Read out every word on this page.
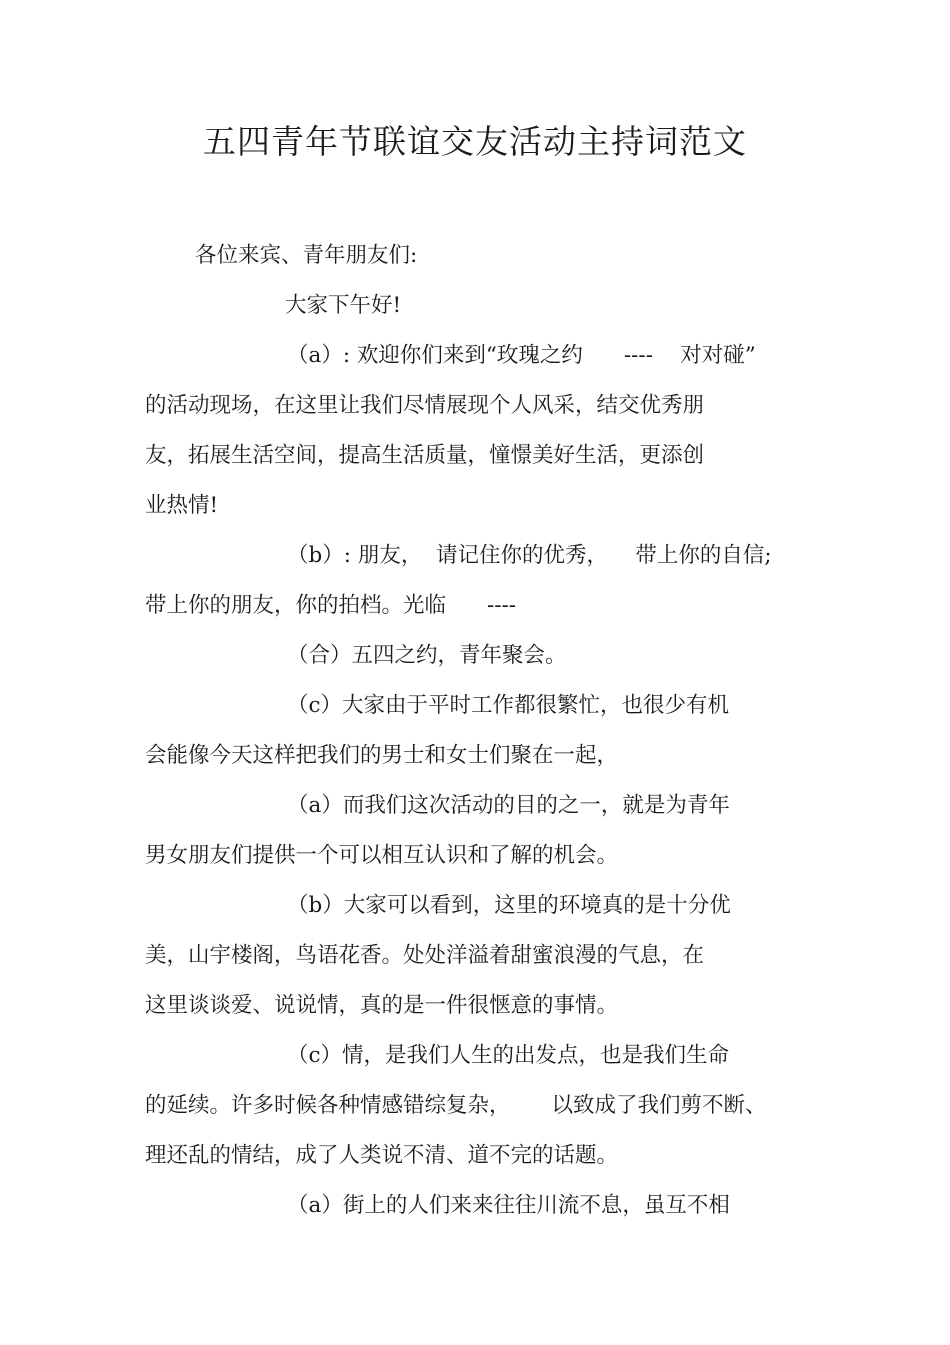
五四青年节联谊交友活动主持词范文

各位来宾、青年朋友们:

大家下午好!

（a）: 欢迎你们来到“玫瑰之约      ----    对对碰”

的活动现场，在这里让我们尽情展现个人风采，结交优秀朋

友，拓展生活空间，提高生活质量，憧憬美好生活，更添创

业热情!

（b）: 朋友，  请记住你的优秀，    带上你的自信;

带上你的朋友，你的拍档。光临      ----

（合）五四之约，青年聚会。

（c）大家由于平时工作都很繁忙，也很少有机

会能像今天这样把我们的男士和女士们聚在一起，

（a）而我们这次活动的目的之一，就是为青年

男女朋友们提供一个可以相互认识和了解的机会。

（b）大家可以看到，这里的环境真的是十分优

美，山宇楼阁，鸟语花香。处处洋溢着甜蜜浪漫的气息，在

这里谈谈爱、说说情，真的是一件很惬意的事情。

（c）情，是我们人生的出发点，也是我们生命

的延续。许多时候各种情感错综复杂，      以致成了我们剪不断、

理还乱的情结，成了人类说不清、道不完的话题。

（a）街上的人们来来往往川流不息，虽互不相
